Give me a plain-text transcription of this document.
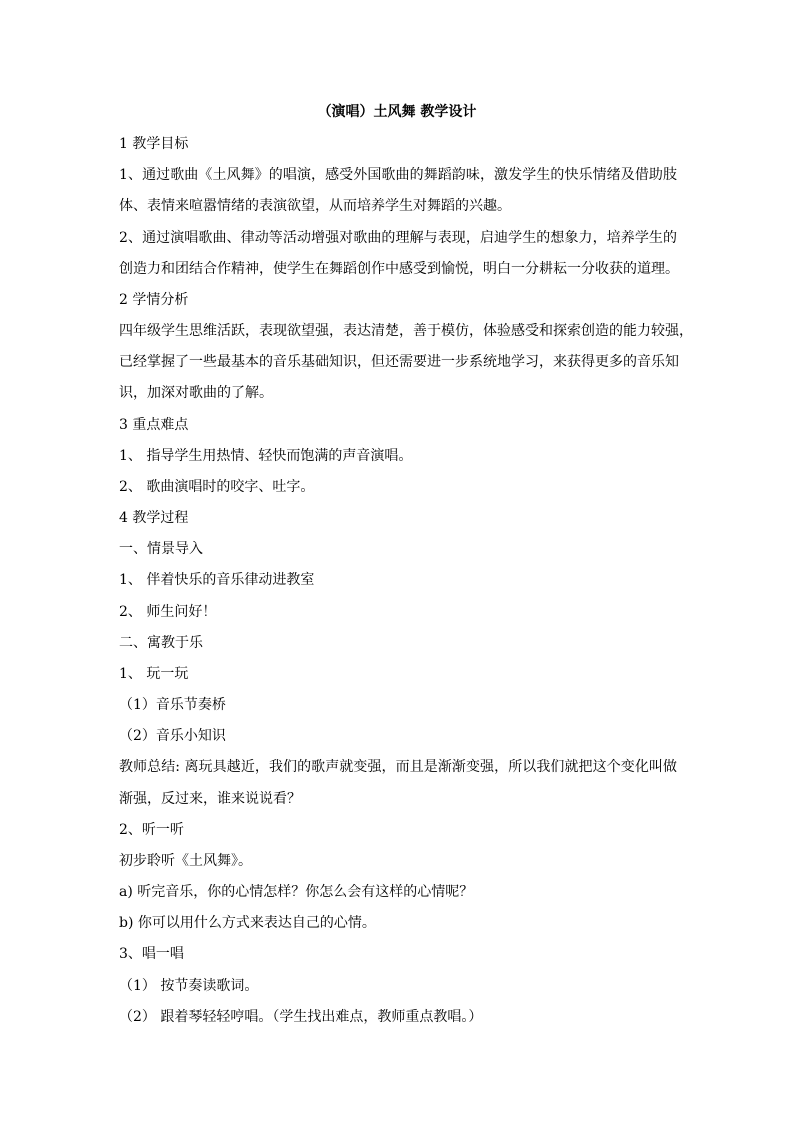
（演唱）土风舞 教学设计
1 教学目标
1、通过歌曲《土风舞》的唱演，感受外国歌曲的舞蹈韵味，激发学生的快乐情绪及借助肢
体、表情来喧嚣情绪的表演欲望，从而培养学生对舞蹈的兴趣。
2、通过演唱歌曲、律动等活动增强对歌曲的理解与表现，启迪学生的想象力，培养学生的
创造力和团结合作精神，使学生在舞蹈创作中感受到愉悦，明白一分耕耘一分收获的道理。
2 学情分析
四年级学生思维活跃，表现欲望强，表达清楚，善于模仿，体验感受和探索创造的能力较强，
已经掌握了一些最基本的音乐基础知识，但还需要进一步系统地学习，来获得更多的音乐知
识，加深对歌曲的了解。
3 重点难点
1、 指导学生用热情、轻快而饱满的声音演唱。
2、 歌曲演唱时的咬字、吐字。
4 教学过程
一、情景导入
1、 伴着快乐的音乐律动进教室
2、 师生问好！
二、寓教于乐
1、 玩一玩
（1）音乐节奏桥
（2）音乐小知识
教师总结: 离玩具越近，我们的歌声就变强，而且是渐渐变强，所以我们就把这个变化叫做
渐强，反过来，谁来说说看？
2、听一听
初步聆听《土风舞》。
a) 听完音乐，你的心情怎样？你怎么会有这样的心情呢？
b) 你可以用什么方式来表达自己的心情。
3、唱一唱
（1） 按节奏读歌词。
（2） 跟着琴轻轻哼唱。（学生找出难点，教师重点教唱。）
